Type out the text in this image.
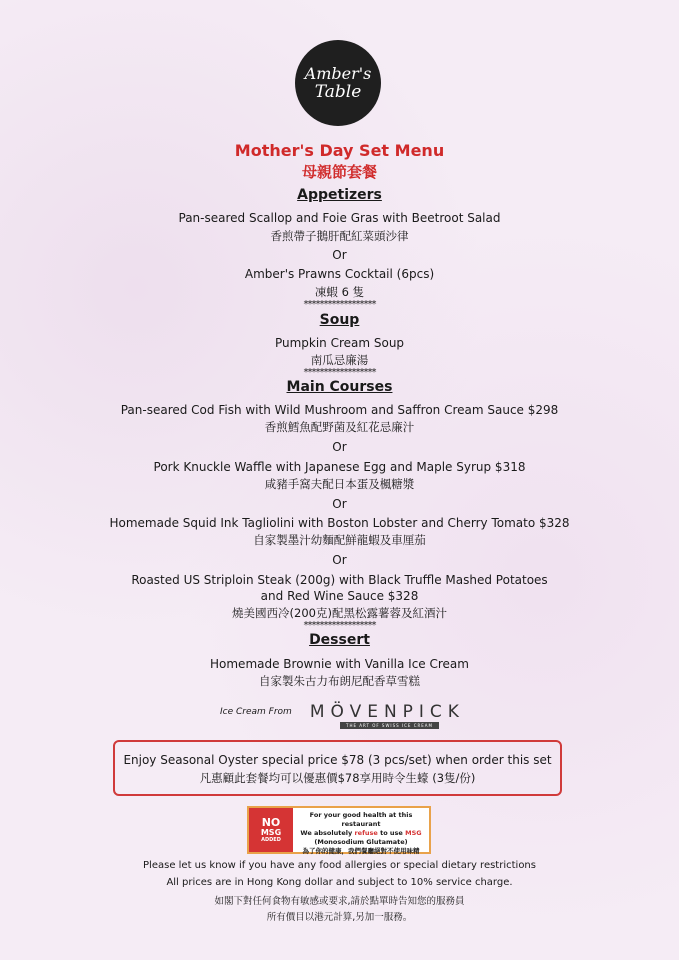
Amber's
Table
Mother's Day Set Menu
母親節套餐
Appetizers
Pan-seared Scallop and Foie Gras with Beetroot Salad
香煎帶子鵝肝配紅菜頭沙律
Or
Amber's Prawns Cocktail (6pcs)
凍蝦 6 隻
******************
Soup
Pumpkin Cream Soup
南瓜忌廉湯
******************
Main Courses
Pan-seared Cod Fish with Wild Mushroom and Saffron Cream Sauce $298
香煎鱈魚配野菌及紅花忌廉汁
Or
Pork Knuckle Waffle with Japanese Egg and Maple Syrup $318
咸豬手窩夫配日本蛋及楓糖漿
Or
Homemade Squid Ink Tagliolini with Boston Lobster and Cherry Tomato $328
自家製墨汁幼麵配鮮龍蝦及車厘茄
Or
Roasted US Striploin Steak (200g) with Black Truffle Mashed Potatoes
and Red Wine Sauce $328
燒美國西冷(200克)配黑松露薯蓉及紅酒汁
******************
Dessert
Homemade Brownie with Vanilla Ice Cream
自家製朱古力布朗尼配香草雪糕
Ice Cream From MÖVENPICK
THE ART OF SWISS ICE CREAM
Enjoy Seasonal Oyster special price $78 (3 pcs/set) when order this set
凡惠顧此套餐均可以優惠價$78享用時令生蠔 (3隻/份)
NO
MSG
ADDED
For your good health at this restaurant
We absolutely refuse to use MSG
(Monosodium Glutamate)
為了你的健康，我們餐廳絕對不使用味精
Please let us know if you have any food allergies or special dietary restrictions
All prices are in Hong Kong dollar and subject to 10% service charge.
如閣下對任何食物有敏感或要求,請於點單時告知您的服務員
所有價目以港元計算,另加一服務。
